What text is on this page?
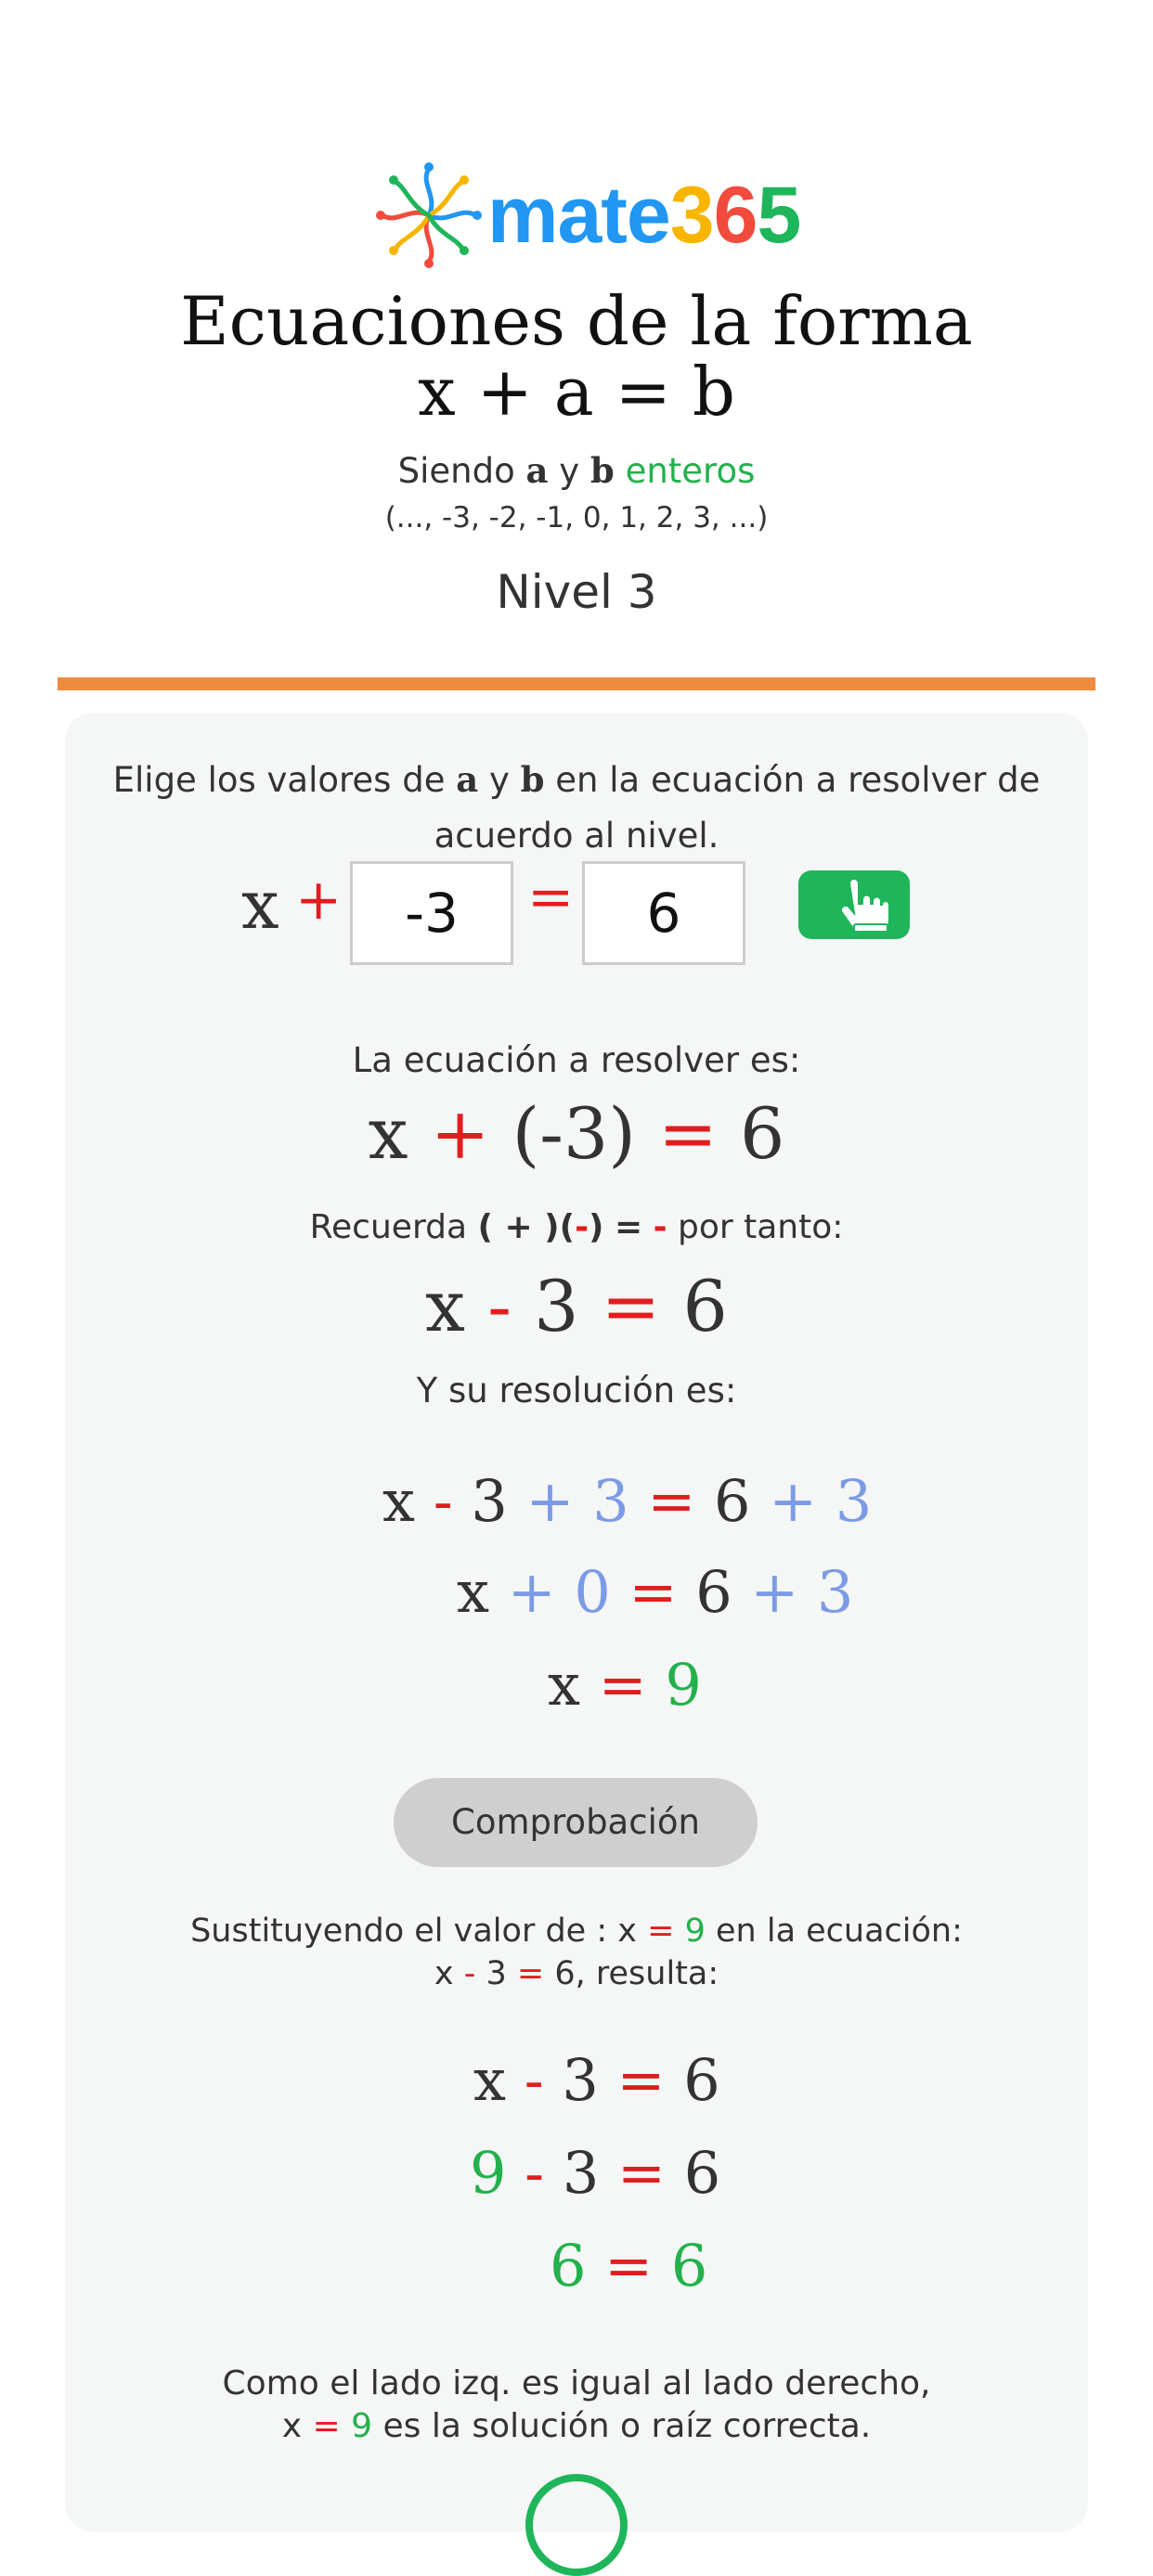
mate365
Ecuaciones de la forma
x + a = b
Siendo a y b enteros
(..., -3, -2, -1, 0, 1, 2, 3, ...)
Nivel 3
Elige los valores de a y b en la ecuación a resolver de
acuerdo al nivel.
x +	-3	=	6
La ecuación a resolver es:
x + (-3) = 6
Recuerda ( + )(-) = - por tanto:
x - 3 = 6
Y su resolución es:
x - 3 + 3 = 6 + 3
x + 0 = 6 + 3
x = 9
Comprobación
Sustituyendo el valor de : x = 9 en la ecuación:
x - 3 = 6, resulta:
x - 3 = 6
9 - 3 = 6
6 = 6
Como el lado izq. es igual al lado derecho,
x = 9 es la solución o raíz correcta.
